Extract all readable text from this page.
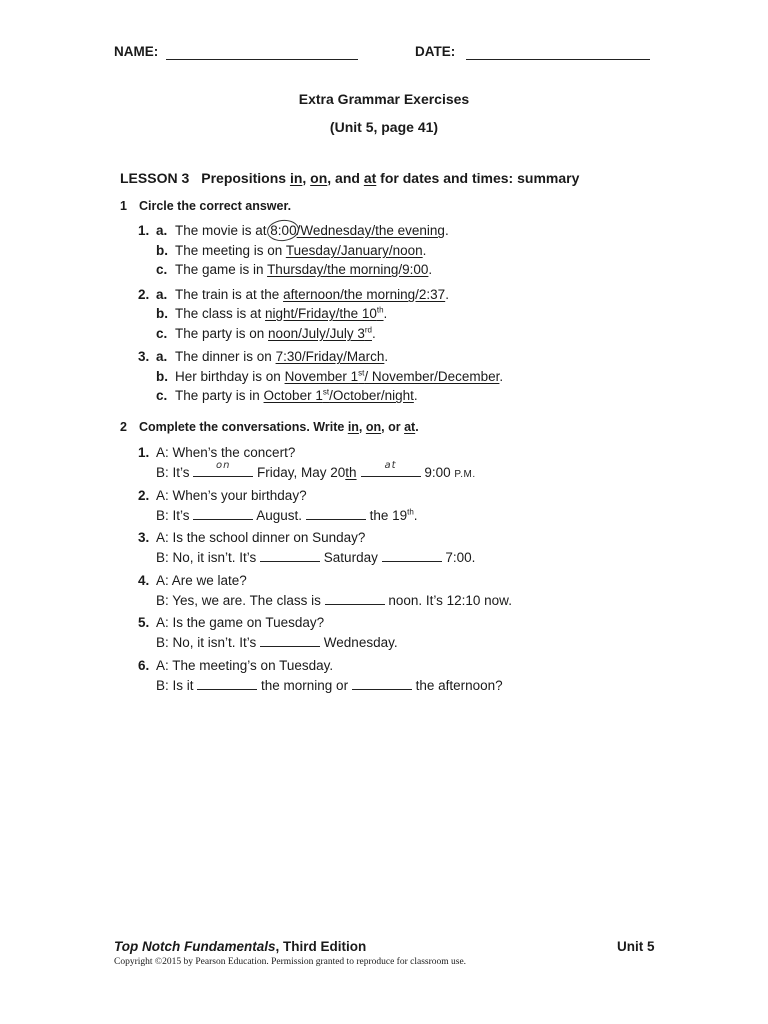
NAME:	DATE:
Extra Grammar Exercises
(Unit 5, page 41)
LESSON 3 Prepositions in, on, and at for dates and times: summary
1 Circle the correct answer.
1. a. The movie is at 8:00/Wednesday/the evening.
b. The meeting is on Tuesday/January/noon.
c. The game is in Thursday/the morning/9:00.
2. a. The train is at the afternoon/the morning/2:37.
b. The class is at night/Friday/the 10th.
c. The party is on noon/July/July 3rd.
3. a. The dinner is on 7:30/Friday/March.
b. Her birthday is on November 1st/ November/December.
c. The party is in October 1st/October/night.
2 Complete the conversations. Write in, on, or at.
1. A: When’s the concert?
B: It’s	on	Friday, May 20th	at	9:00 P.M.
2. A: When’s your birthday?
B: It’s	August.	the 19th.
3. A: Is the school dinner on Sunday?
B: No, it isn’t. It’s	Saturday	7:00.
4. A: Are we late?
B: Yes, we are. The class is	noon. It’s 12:10 now.
5. A: Is the game on Tuesday?
B: No, it isn’t. It’s	Wednesday.
6. A: The meeting’s on Tuesday.
B: Is it	the morning or	the afternoon?
Top Notch Fundamentals, Third Edition	Unit 5
Copyright ©2015 by Pearson Education. Permission granted to reproduce for classroom use.
